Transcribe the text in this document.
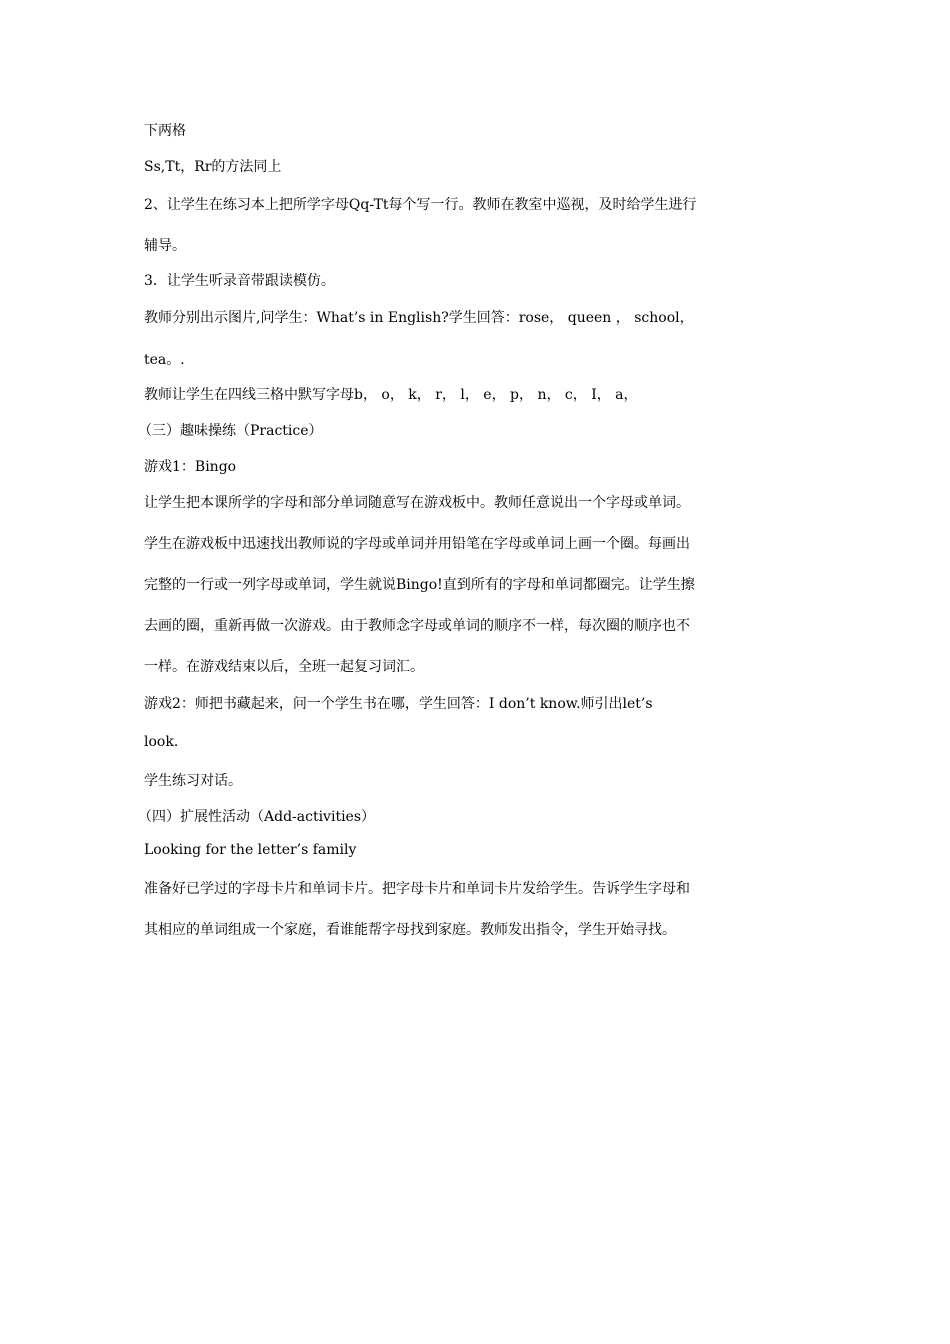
下两格

Ss,Tt，Rr的方法同上

2、让学生在练习本上把所学字母Qq-Tt每个写一行。教师在教室中巡视，及时给学生进行

辅导。

3．让学生听录音带跟读模仿。

教师分别出示图片,问学生：What’s in English?学生回答：rose， queen ， school，

tea。.

教师让学生在四线三格中默写字母b， o， k， r， l， e， p， n， c， I， a，

（三）趣味操练（Practice）

游戏1：Bingo

让学生把本课所学的字母和部分单词随意写在游戏板中。教师任意说出一个字母或单词。

学生在游戏板中迅速找出教师说的字母或单词并用铅笔在字母或单词上画一个圈。每画出

完整的一行或一列字母或单词，学生就说Bingo!直到所有的字母和单词都圈完。让学生擦

去画的圈，重新再做一次游戏。由于教师念字母或单词的顺序不一样，每次圈的顺序也不

一样。在游戏结束以后，全班一起复习词汇。

游戏2：师把书藏起来，问一个学生书在哪，学生回答：I don’t know.师引出let’s

look.

学生练习对话。

（四）扩展性活动（Add-activities）

Looking for the letter’s family

准备好已学过的字母卡片和单词卡片。把字母卡片和单词卡片发给学生。告诉学生字母和

其相应的单词组成一个家庭，看谁能帮字母找到家庭。教师发出指令，学生开始寻找。
